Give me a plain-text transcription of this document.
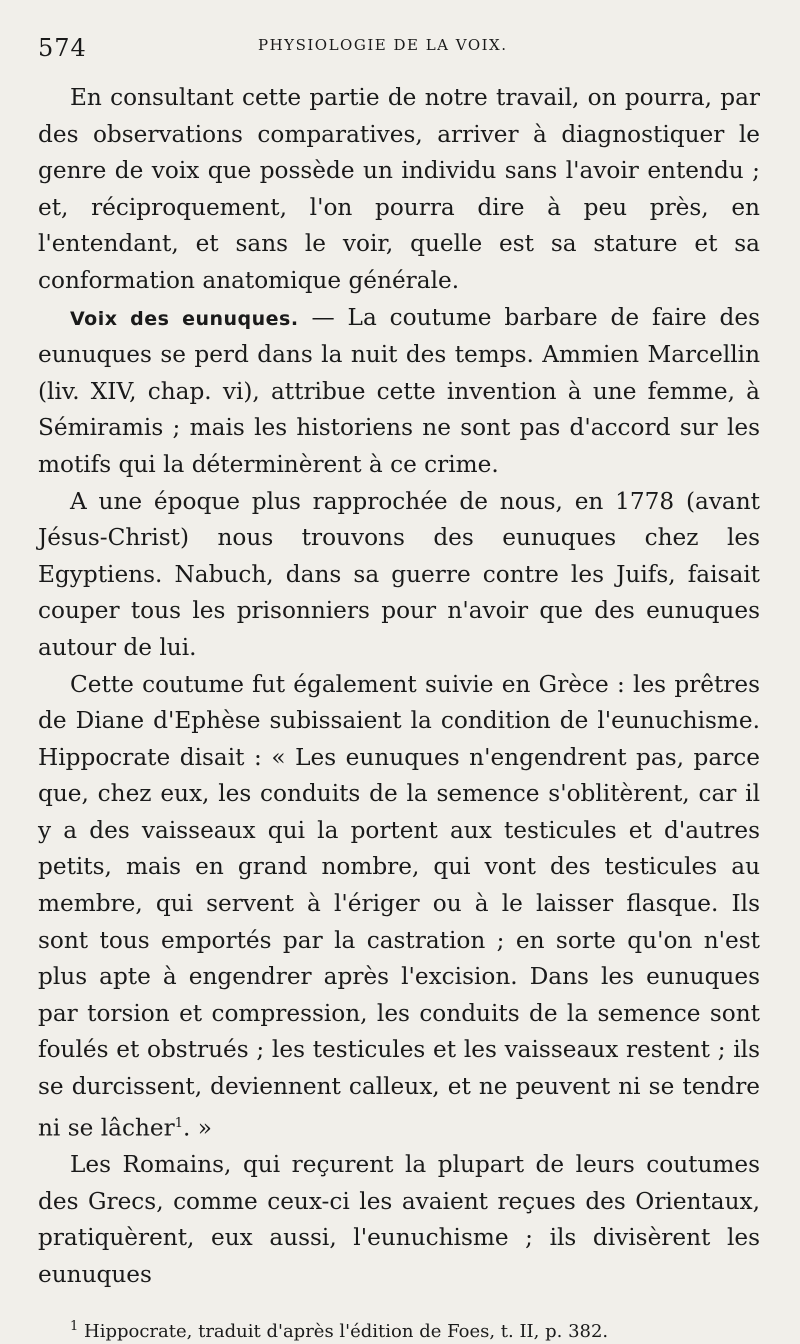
574	PHYSIOLOGIE DE LA VOIX.

En consultant cette partie de notre travail, on pourra, par des observations comparatives, arriver à diagnostiquer le genre de voix que possède un individu sans l'avoir entendu ; et, réciproquement, l'on pourra dire à peu près, en l'entendant, et sans le voir, quelle est sa stature et sa conformation anatomique générale.

Voix des eunuques. — La coutume barbare de faire des eunuques se perd dans la nuit des temps. Ammien Marcellin (liv. XIV, chap. vi), attribue cette invention à une femme, à Sémiramis ; mais les historiens ne sont pas d'accord sur les motifs qui la déterminèrent à ce crime.

A une époque plus rapprochée de nous, en 1778 (avant Jésus-Christ) nous trouvons des eunuques chez les Egyptiens. Nabuch, dans sa guerre contre les Juifs, faisait couper tous les prisonniers pour n'avoir que des eunuques autour de lui.

Cette coutume fut également suivie en Grèce : les prêtres de Diane d'Ephèse subissaient la condition de l'eunuchisme. Hippocrate disait : « Les eunuques n'engendrent pas, parce que, chez eux, les conduits de la semence s'oblitèrent, car il y a des vaisseaux qui la portent aux testicules et d'autres petits, mais en grand nombre, qui vont des testicules au membre, qui servent à l'ériger ou à le laisser flasque. Ils sont tous emportés par la castration ; en sorte qu'on n'est plus apte à engendrer après l'excision. Dans les eunuques par torsion et compression, les conduits de la semence sont foulés et obstrués ; les testicules et les vaisseaux restent ; ils se durcissent, deviennent calleux, et ne peuvent ni se tendre ni se lâcher$^1$. »

Les Romains, qui reçurent la plupart de leurs coutumes des Grecs, comme ceux-ci les avaient reçues des Orientaux, pratiquèrent, eux aussi, l'eunuchisme ; ils divisèrent les eunuques

$^1$ Hippocrate, traduit d'après l'édition de Foes, t. II, p. 382.
